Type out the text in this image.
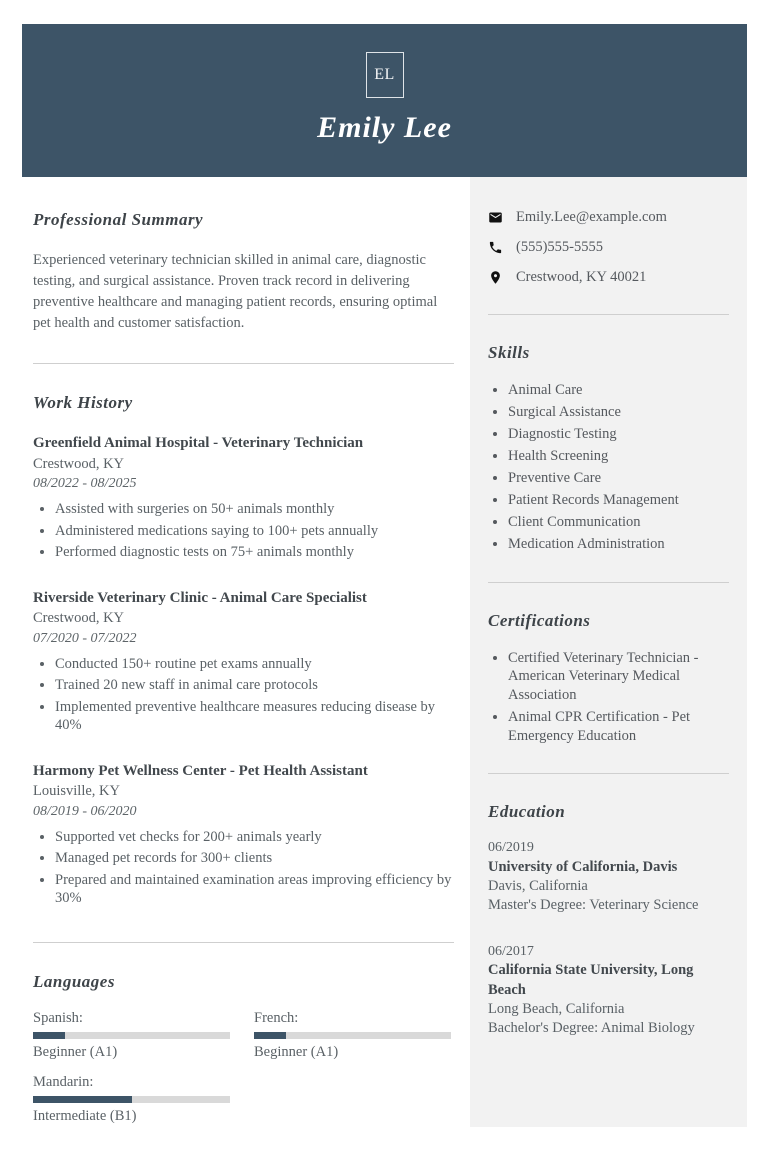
EL
Emily Lee
Professional Summary

Experienced veterinary technician skilled in animal care, diagnostic testing, and surgical assistance. Proven track record in delivering preventive healthcare and managing patient records, ensuring optimal pet health and customer satisfaction.

Work History
Greenfield Animal Hospital - Veterinary Technician
Crestwood, KY
08/2022 - 08/2025
• Assisted with surgeries on 50+ animals monthly
• Administered medications saying to 100+ pets annually
• Performed diagnostic tests on 75+ animals monthly
Riverside Veterinary Clinic - Animal Care Specialist
Crestwood, KY
07/2020 - 07/2022
• Conducted 150+ routine pet exams annually
• Trained 20 new staff in animal care protocols
• Implemented preventive healthcare measures reducing disease by 40%
Harmony Pet Wellness Center - Pet Health Assistant
Louisville, KY
08/2019 - 06/2020
• Supported vet checks for 200+ animals yearly
• Managed pet records for 300+ clients
• Prepared and maintained examination areas improving efficiency by 30%
Languages
Spanish:
Beginner (A1)
French:
Beginner (A1)
Mandarin:
Intermediate (B1)
Emily.Lee@example.com
(555)555-5555
Crestwood, KY 40021
Skills
• Animal Care
• Surgical Assistance
• Diagnostic Testing
• Health Screening
• Preventive Care
• Patient Records Management
• Client Communication
• Medication Administration
Certifications
• Certified Veterinary Technician - American Veterinary Medical Association
• Animal CPR Certification - Pet Emergency Education
Education
06/2019
University of California, Davis
Davis, California
Master's Degree: Veterinary Science
06/2017
California State University, Long Beach
Long Beach, California
Bachelor's Degree: Animal Biology
